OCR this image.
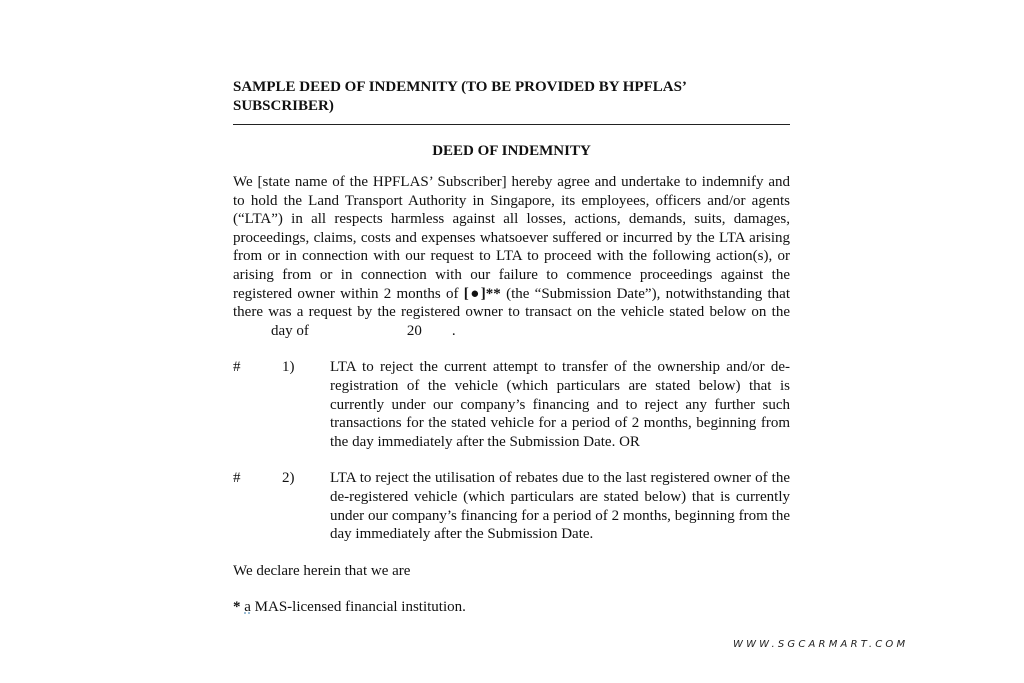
SAMPLE DEED OF INDEMNITY (TO BE PROVIDED BY HPFLAS’ SUBSCRIBER)

DEED OF INDEMNITY

We [state name of the HPFLAS’ Subscriber] hereby agree and undertake to indemnify and to hold the Land Transport Authority in Singapore, its employees, officers and/or agents (“LTA”) in all respects harmless against all losses, actions, demands, suits, damages, proceedings, claims, costs and expenses whatsoever suffered or incurred by the LTA arising from or in connection with our request to LTA to proceed with the following action(s), or arising from or in connection with our failure to commence proceedings against the registered owner within 2 months of [●]** (the “Submission Date”), notwithstanding that there was a request by the registered owner to transact on the vehicle stated below on theday of	20 .

#	1) LTA to reject the current attempt to transfer of the ownership and/or de-registration of the vehicle (which particulars are stated below) that is currently under our company’s financing and to reject any further such transactions for the stated vehicle for a period of 2 months, beginning from the day immediately after the Submission Date. OR

#	2) LTA to reject the utilisation of rebates due to the last registered owner of the de-registered vehicle (which particulars are stated below) that is currently under our company’s financing for a period of 2 months, beginning from the day immediately after the Submission Date.

We declare herein that we are

* a MAS-licensed financial institution.

WWW.SGCARMART.COM
